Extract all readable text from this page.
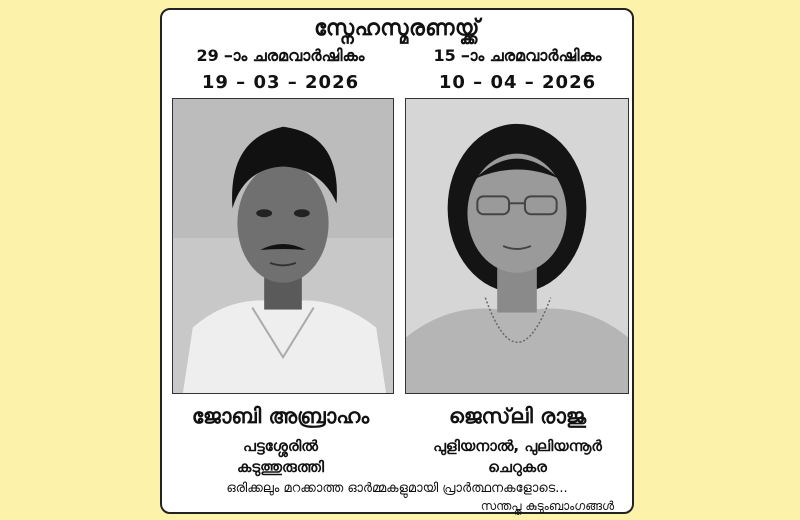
സ്നേഹസ്മരണയ്ക്ക്
29 –ാം ചരമവാർഷികം
19 – 03 – 2026
ജോബി അബ്രാഹം
പട്ടശ്ശേരിൽ
കടുത്തുരുത്തി
15 –ാം ചരമവാർഷികം
10 – 04 – 2026
ജെസ്‌ലി രാജു
പുളിയനാൽ, പുലിയന്നൂർ
ചെറുകര
ഒരിക്കലും മറക്കാത്ത ഓർമ്മകളുമായി പ്രാർത്ഥനകളോടെ...
സന്തപ്ത കുടുംബാംഗങ്ങൾ
